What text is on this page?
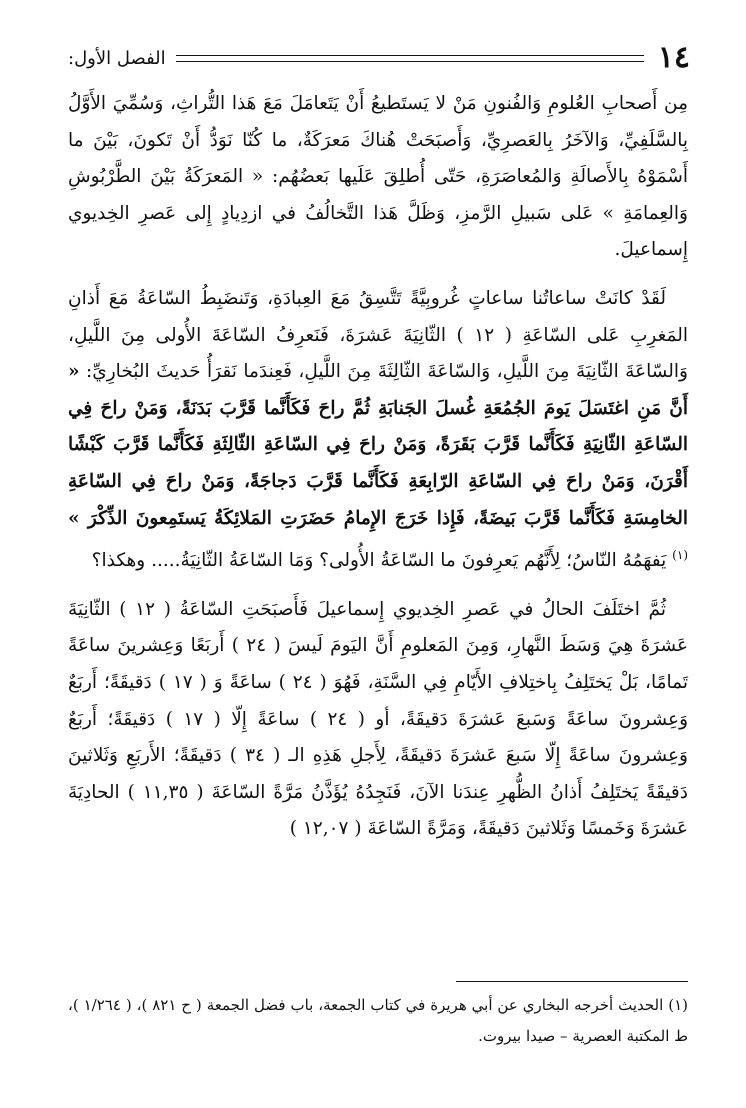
١٤
الفصل الأول:

مِن أَصحابِ العُلومِ وَالفُنونِ مَنْ لا يَستَطيعُ أَنْ يَتَعامَلَ مَعَ هَذا التُّراثِ، وَسُمِّيَ الأَوَّلُ بِالسَّلَفِيِّ، وَالآخَرُ بِالعَصرِيِّ، وَأَصبَحَتْ هُناكَ مَعرَكَةٌ، ما كُنّا نَوَدُّ أَنْ تَكونَ، بَيْنَ ما أَسْمَوْهُ بِالأَصالَةِ وَالمُعاصَرَةِ، حَتّى أُطلِقَ عَلَيها بَعضُهُم: « المَعرَكَةُ بَيْنَ الطَّرْبُوشِ وَالعِمامَةِ » عَلى سَبيلِ الرَّمزِ، وَظَلَّ هَذا التَّخالُفُ في ازدِيادٍ إِلى عَصرِ الخِديوي إِسماعيلَ.

لَقَدْ كانَتْ ساعاتُنا ساعاتٍ غُروبِيَّةً تَتَّسِقُ مَعَ العِبادَةِ، وَتَنضَبِطُ السّاعَةُ مَعَ أَذانِ المَغرِبِ عَلى السّاعَةِ ( ١٢ ) الثّانِيَةَ عَشرَةَ، فَنَعرِفُ السّاعَةَ الأُولى مِنَ اللَّيلِ، وَالسّاعَةَ الثّانِيَةَ مِنَ اللَّيلِ، وَالسّاعَةَ الثّالِثَةَ مِنَ اللَّيلِ، فَعِندَما نَقرَأُ حَديثَ البُخارِيِّ: « أَنَّ مَنِ اغتَسَلَ يَومَ الجُمُعَةِ غُسلَ الجَنابَةِ ثُمَّ راحَ فَكَأَنَّما قَرَّبَ بَدَنَةً، وَمَنْ راحَ فِي السّاعَةِ الثّانِيَةِ فَكَأَنَّما قَرَّبَ بَقَرَةً، وَمَنْ راحَ فِي السّاعَةِ الثّالِثَةِ فَكَأَنَّما قَرَّبَ كَبْشًا أَقْرَنَ، وَمَنْ راحَ فِي السّاعَةِ الرّابِعَةِ فَكَأَنَّما قَرَّبَ دَجاجَةً، وَمَنْ راحَ فِي السّاعَةِ الخامِسَةِ فَكَأَنَّما قَرَّبَ بَيضَةً، فَإِذا خَرَجَ الإِمامُ حَضَرَتِ المَلائِكَةُ يَستَمِعونَ الذِّكْرَ » $^{(١)}$ يَفهَمُهُ النّاسُ؛ لِأَنَّهُم يَعرِفونَ ما السّاعَةُ الأُولى؟ وَمَا السّاعَةُ الثّانِيَةُ..... وهكذا؟

ثُمَّ اختَلَفَ الحالُ في عَصرِ الخِديوي إِسماعيلَ فَأَصبَحَتِ السّاعَةُ ( ١٢ ) الثّانِيَةَ عَشرَةَ هِيَ وَسَطَ النَّهارِ، وَمِنَ المَعلومِ أَنَّ اليَومَ لَيسَ ( ٢٤ ) أَربَعًا وَعِشرينَ ساعَةً تَمامًا، بَلْ يَختَلِفُ بِاختِلافِ الأَيّامِ فِي السَّنَةِ، فَهُوَ ( ٢٤ ) ساعَةً وَ ( ١٧ ) دَقيقَةً؛ أَربَعٌ وَعِشرونَ ساعَةً وَسَبعَ عَشرَةَ دَقيقَةً، أو ( ٢٤ ) ساعَةً إِلّا ( ١٧ ) دَقيقَةً؛ أَربَعٌ وَعِشرونَ ساعَةً إِلّا سَبعَ عَشرَةَ دَقيقَةً، لِأَجلِ هَذِهِ الـ ( ٣٤ ) دَقيقَةً؛ الأَربَعِ وَثَلاثينَ دَقيقَةً يَختَلِفُ أَذانُ الظُّهرِ عِندَنا الآنَ، فَنَجِدُهُ يُؤَذَّنُ مَرَّةً السّاعَةَ ( ١١,٣٥ ) الحادِيَةَ عَشرَةَ وَخَمسًا وَثَلاثينَ دَقيقَةً، وَمَرَّةً السّاعَةَ ( ١٢,٠٧ )

(١) الحديث أخرجه البخاري عن أبي هريرة في كتاب الجمعة، باب فضل الجمعة ( ح ٨٢١ )، ( ١/٢٦٤ )، ط المكتبة العصرية – صيدا بيروت.
